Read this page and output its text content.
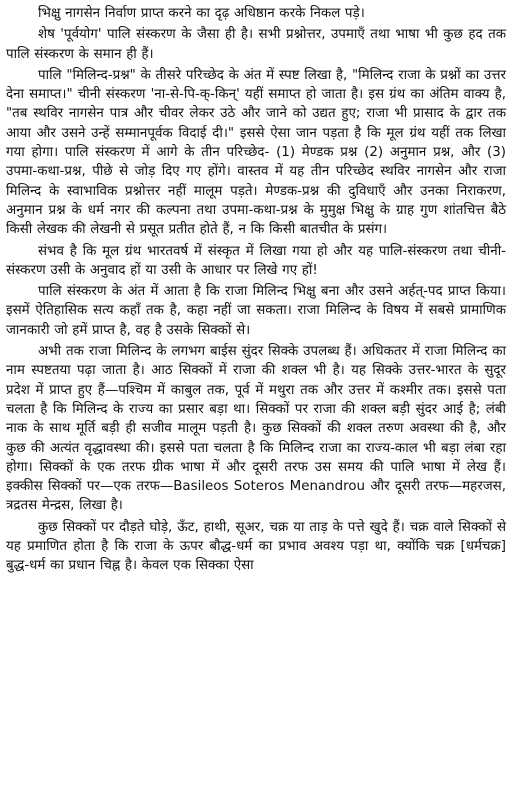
भिक्षु नागसेन निर्वाण प्राप्त करने का दृढ़ अधिष्ठान करके निकल पड़े।

शेष 'पूर्वयोग' पालि संस्करण के जैसा ही है। सभी प्रश्नोत्तर, उपमाएँ तथा भाषा भी कुछ हद तक पालि संस्करण के समान ही हैं।

पालि "मिलिन्द-प्रश्न" के तीसरे परिच्छेद के अंत में स्पष्ट लिखा है, "मिलिन्द राजा के प्रश्नों का उत्तर देना समाप्त।" चीनी संस्करण 'ना-से-पि-क्-किन्' यहीं समाप्त हो जाता है। इस ग्रंथ का अंतिम वाक्य है, "तब स्थविर नागसेन पात्र और चीवर लेकर उठे और जाने को उद्यत हुए; राजा भी प्रासाद के द्वार तक आया और उसने उन्हें सम्मानपूर्वक विदाई दी।" इससे ऐसा जान पड़ता है कि मूल ग्रंथ यहीं तक लिखा गया होगा। पालि संस्करण में आगे के तीन परिच्छेद- (1) मेण्डक प्रश्न (2) अनुमान प्रश्न, और (3) उपमा-कथा-प्रश्न, पीछे से जोड़ दिए गए होंगे। वास्तव में यह तीन परिच्छेद स्थविर नागसेन और राजा मिलिन्द के स्वाभाविक प्रश्नोत्तर नहीं मालूम पड़ते। मेण्डक-प्रश्न की दुविधाएँ और उनका निराकरण, अनुमान प्रश्न के धर्म नगर की कल्पना तथा उपमा-कथा-प्रश्न के मुमुक्ष भिक्षु के ग्राह गुण शांतचित्त बैठे किसी लेखक की लेखनी से प्रसूत प्रतीत होते हैं, न कि किसी बातचीत के प्रसंग।

संभव है कि मूल ग्रंथ भारतवर्ष में संस्कृत में लिखा गया हो और यह पालि-संस्करण तथा चीनी-संस्करण उसी के अनुवाद हों या उसी के आधार पर लिखे गए हों!

पालि संस्करण के अंत में आता है कि राजा मिलिन्द भिक्षु बना और उसने अर्हत्-पद प्राप्त किया। इसमें ऐतिहासिक सत्य कहाँ तक है, कहा नहीं जा सकता। राजा मिलिन्द के विषय में सबसे प्रामाणिक जानकारी जो हमें प्राप्त है, वह है उसके सिक्कों से।

अभी तक राजा मिलिन्द के लगभग बाईस सुंदर सिक्के उपलब्ध हैं। अधिकतर में राजा मिलिन्द का नाम स्पष्टतया पढ़ा जाता है। आठ सिक्कों में राजा की शक्ल भी है। यह सिक्के उत्तर-भारत के सुदूर प्रदेश में प्राप्त हुए हैं—पश्चिम में काबुल तक, पूर्व में मथुरा तक और उत्तर में कश्मीर तक। इससे पता चलता है कि मिलिन्द के राज्य का प्रसार बड़ा था। सिक्कों पर राजा की शक्ल बड़ी सुंदर आई है; लंबी नाक के साथ मूर्ति बड़ी ही सजीव मालूम पड़ती है। कुछ सिक्कों की शक्ल तरुण अवस्था की है, और कुछ की अत्यंत वृद्धावस्था की। इससे पता चलता है कि मिलिन्द राजा का राज्य-काल भी बड़ा लंबा रहा होगा। सिक्कों के एक तरफ ग्रीक भाषा में और दूसरी तरफ उस समय की पालि भाषा में लेख हैं। इक्कीस सिक्कों पर—एक तरफ—Basileos Soteros Menandrou और दूसरी तरफ—महरजस, त्रद्रतस मेन्द्रस, लिखा है।

कुछ सिक्कों पर दौड़ते घोड़े, ऊँट, हाथी, सूअर, चक्र या ताड़ के पत्ते खुदे हैं। चक्र वाले सिक्कों से यह प्रमाणित होता है कि राजा के ऊपर बौद्ध-धर्म का प्रभाव अवश्य पड़ा था, क्योंकि चक्र [धर्मचक्र] बुद्ध-धर्म का प्रधान चिह्न है। केवल एक सिक्का ऐसा
